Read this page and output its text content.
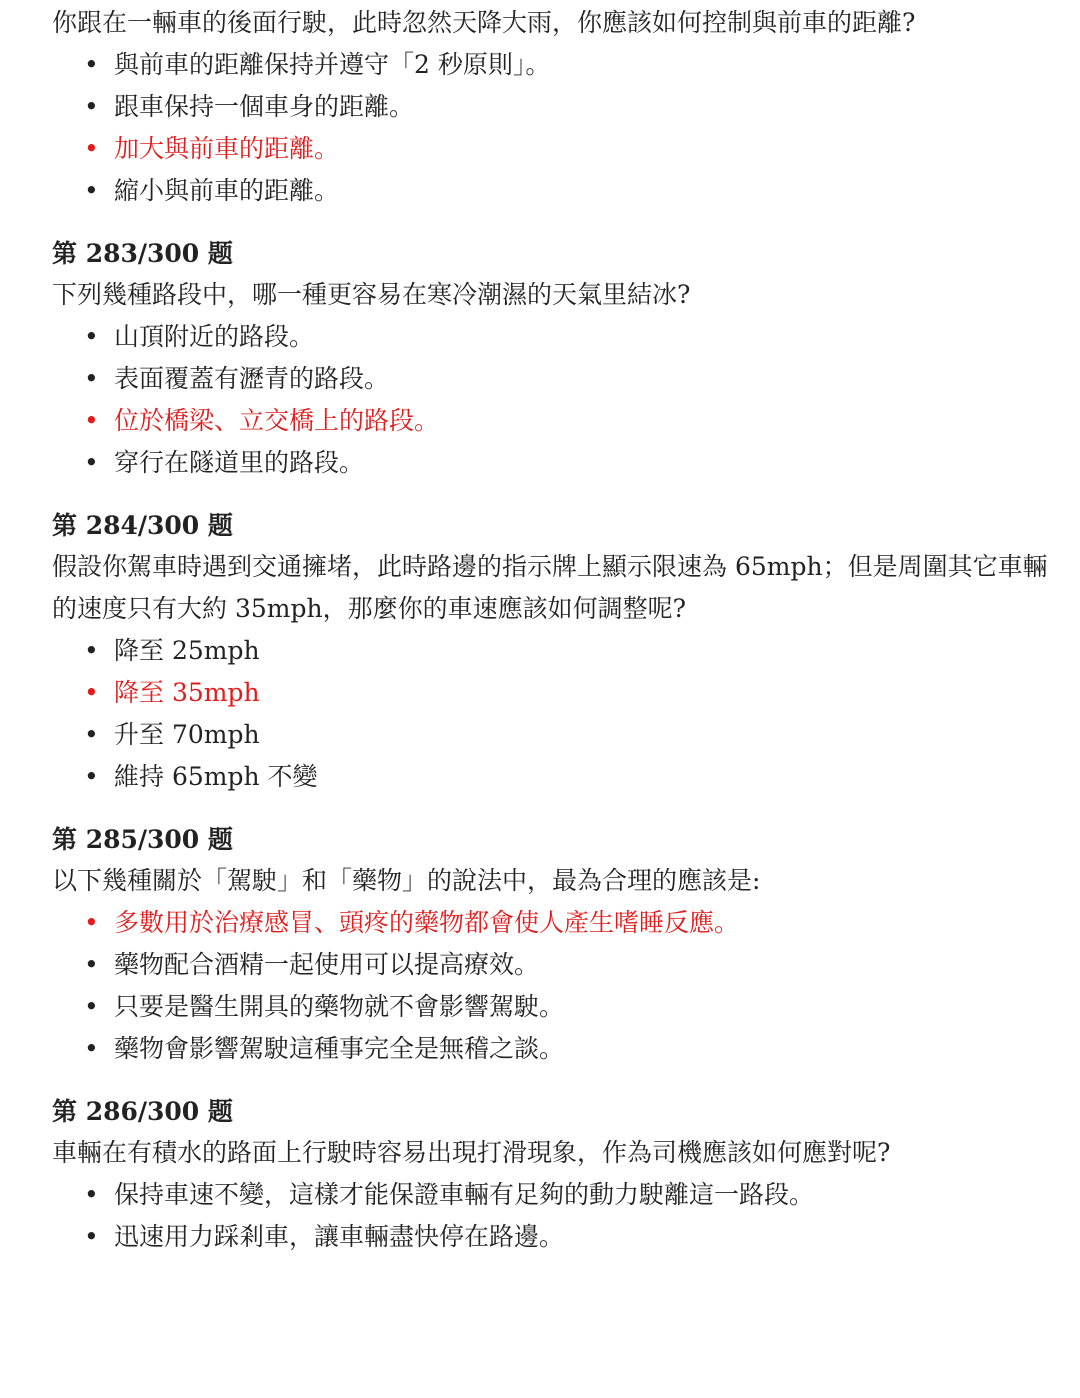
你跟在一輛車的後面行駛，此時忽然天降大雨，你應該如何控制與前車的距離?

• 與前車的距離保持并遵守「2 秒原則」。
• 跟車保持一個車身的距離。
• 加大與前車的距離。
• 縮小與前車的距離。

第 283/300 题

下列幾種路段中，哪一種更容易在寒冷潮濕的天氣里結冰?

• 山頂附近的路段。
• 表面覆蓋有瀝青的路段。
• 位於橋梁、立交橋上的路段。
• 穿行在隧道里的路段。

第 284/300 题

假設你駕車時遇到交通擁堵，此時路邊的指示牌上顯示限速為 65mph；但是周圍其它車輛的速度只有大約 35mph，那麼你的車速應該如何調整呢?

• 降至 25mph
• 降至 35mph
• 升至 70mph
• 維持 65mph 不變

第 285/300 题

以下幾種關於「駕駛」和「藥物」的說法中，最為合理的應該是:

• 多數用於治療感冒、頭疼的藥物都會使人產生嗜睡反應。
• 藥物配合酒精一起使用可以提高療效。
• 只要是醫生開具的藥物就不會影響駕駛。
• 藥物會影響駕駛這種事完全是無稽之談。

第 286/300 题

車輛在有積水的路面上行駛時容易出現打滑現象，作為司機應該如何應對呢?

• 保持車速不變，這樣才能保證車輛有足夠的動力駛離這一路段。
• 迅速用力踩剎車，讓車輛盡快停在路邊。
